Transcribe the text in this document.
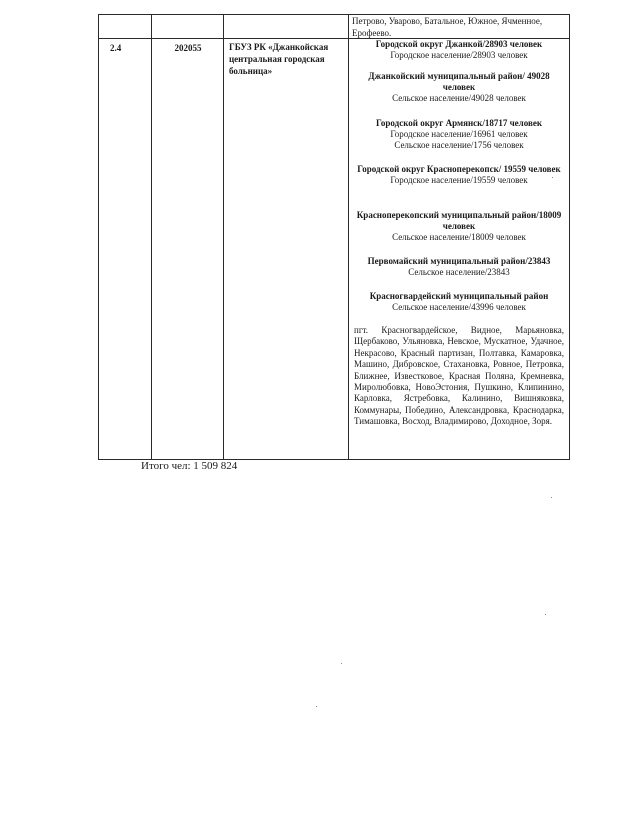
Петрово, Уварово, Батальное, Южное, Ячменное, Ерофеево.
2.4	202055	ГБУЗ РК «Джанкойская центральная городская больница»
Городской округ Джанкой/28903 человек
Городское население/28903 человек
Джанкойский муниципальный район/ 49028 человек
Сельское население/49028 человек
Городской округ Армянск/18717 человек
Городское население/16961 человек
Сельское население/1756 человек
Городской округ Красноперекопск/ 19559 человек
Городское население/19559 человек
Красноперекопский муниципальный район/18009 человек
Сельское население/18009 человек
Первомайский муниципальный район/23843
Сельское население/23843
Красногвардейский муниципальный район
Сельское население/43996 человек
пгт. Красногвардейское, Видное, Марьяновка, Щербаково, Ульяновка, Невское, Мускатное, Удачное, Некрасово, Красный партизан, Полтавка, Камаровка, Машино, Дибровское, Стахановка, Ровное, Петровка, Ближнее, Известковое, Красная Поляна, Кремневка, Миролюбовка, НовоЭстония, Пушкино, Клипинино, Карловка, Ястребовка, Калинино, Вишняковка, Коммунары, Победино, Александровка, Краснодарка, Тимашовка, Восход, Владимирово, Доходное, Зоря.
Итого чел: 1 509 824
